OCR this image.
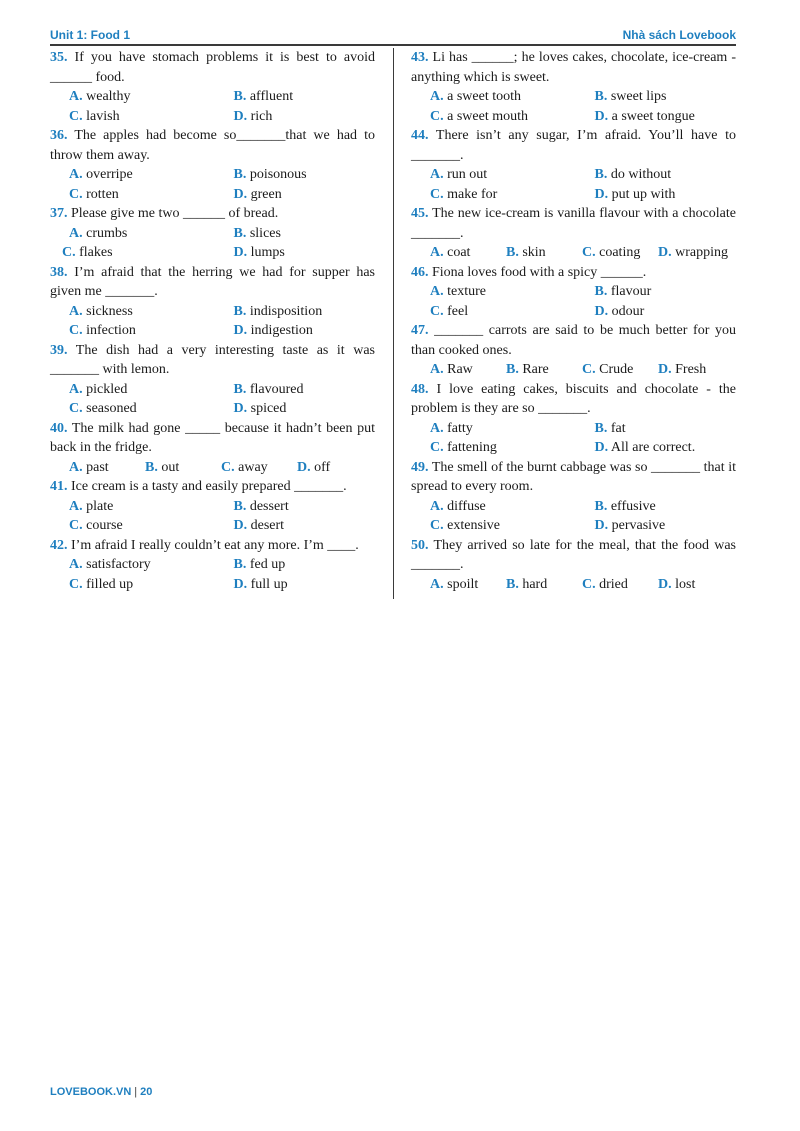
Unit 1: Food 1	Nhà sách Lovebook
35. If you have stomach problems it is best to avoid ______ food.
A. wealthy	B. affluent
C. lavish	D. rich
36. The apples had become so_______that we had to throw them away.
A. overripe	B. poisonous
C. rotten	D. green
37. Please give me two ______ of bread.
A. crumbs	B. slices
C. flakes	D. lumps
38. I’m afraid that the herring we had for supper has given me _______.
A. sickness	B. indisposition
C. infection	D. indigestion
39. The dish had a very interesting taste as it was _______ with lemon.
A. pickled	B. flavoured
C. seasoned	D. spiced
40. The milk had gone _____ because it hadn’t been put back in the fridge.
A. past	B. out	C. away	D. off
41. Ice cream is a tasty and easily prepared _______.
A. plate	B. dessert
C. course	D. desert
42. I’m afraid I really couldn’t eat any more. I’m ____.
A. satisfactory	B. fed up
C. filled up	D. full up
43. Li has ______; he loves cakes, chocolate, ice-cream - anything which is sweet.
A. a sweet tooth	B. sweet lips
C. a sweet mouth	D. a sweet tongue
44. There isn’t any sugar, I’m afraid. You’ll have to _______.
A. run out	B. do without
C. make for	D. put up with
45. The new ice-cream is vanilla flavour with a chocolate _______.
A. coat	B. skin	C. coating	D. wrapping
46. Fiona loves food with a spicy ______.
A. texture	B. flavour
C. feel	D. odour
47. _______ carrots are said to be much better for you than cooked ones.
A. Raw	B. Rare	C. Crude	D. Fresh
48. I love eating cakes, biscuits and chocolate - the problem is they are so _______.
A. fatty	B. fat
C. fattening	D. All are correct.
49. The smell of the burnt cabbage was so _______ that it spread to every room.
A. diffuse	B. effusive
C. extensive	D. pervasive
50. They arrived so late for the meal, that the food was _______.
A. spoilt	B. hard	C. dried	D. lost
LOVEBOOK.VN | 20
